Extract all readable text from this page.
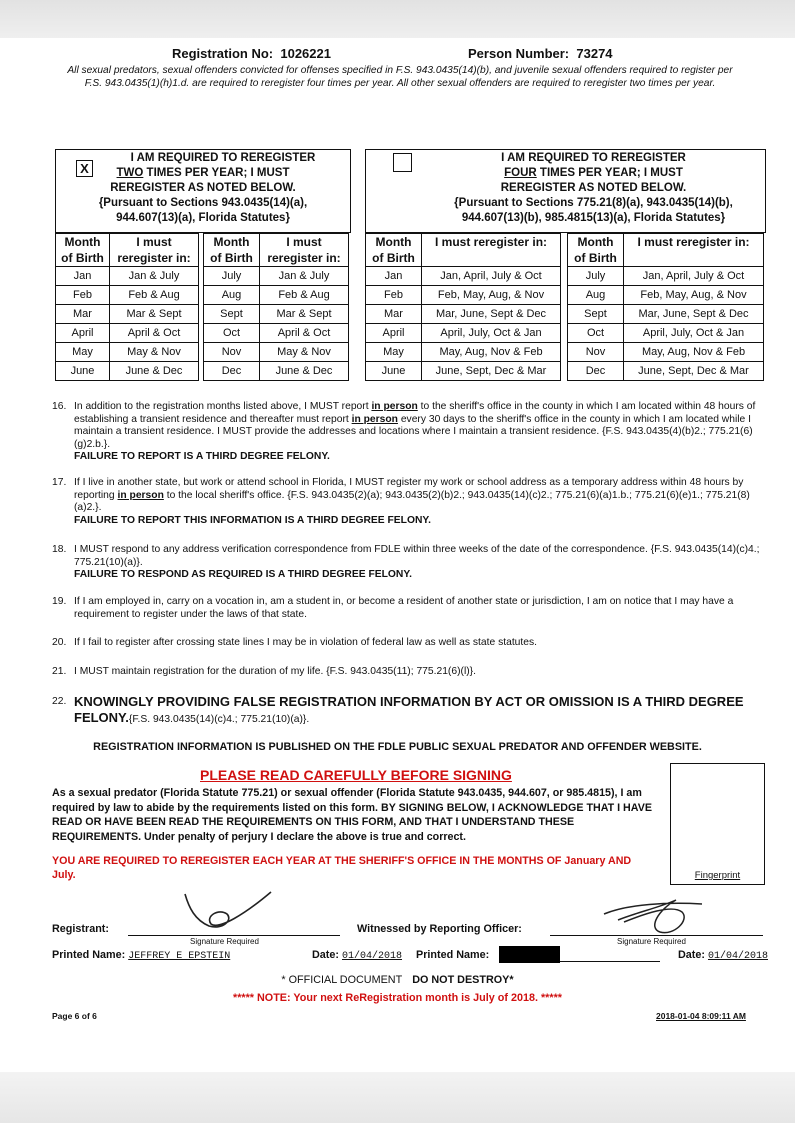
Registration No: 1026221	Person Number: 73274
All sexual predators, sexual offenders convicted for offenses specified in F.S. 943.0435(14)(b), and juvenile sexual offenders required to register per F.S. 943.0435(1)(h)1.d. are required to reregister four times per year. All other sexual offenders are required to reregister two times per year.
X
I AM REQUIRED TO REREGISTER
TWO TIMES PER YEAR; I MUST
REREGISTER AS NOTED BELOW.
{Pursuant to Sections 943.0435(14)(a),
944.607(13)(a), Florida Statutes}
I AM REQUIRED TO REREGISTER
FOUR TIMES PER YEAR; I MUST
REREGISTER AS NOTED BELOW.
{Pursuant to Sections 775.21(8)(a), 943.0435(14)(b),
944.607(13)(b), 985.4815(13)(a), Florida Statutes}
Month
of Birth	I must
reregister in:
Jan	Jan & July
Feb	Feb & Aug
Mar	Mar & Sept
April	April & Oct
May	May & Nov
June	June & Dec
Month
of Birth	I must
reregister in:
July	Jan & July
Aug	Feb & Aug
Sept	Mar & Sept
Oct	April & Oct
Nov	May & Nov
Dec	June & Dec
Month
of Birth	I must reregister in:
Jan	Jan, April, July & Oct
Feb	Feb, May, Aug, & Nov
Mar	Mar, June, Sept & Dec
April	April, July, Oct & Jan
May	May, Aug, Nov & Feb
June	June, Sept, Dec & Mar
Month
of Birth	I must reregister in:
July	Jan, April, July & Oct
Aug	Feb, May, Aug, & Nov
Sept	Mar, June, Sept & Dec
Oct	April, July, Oct & Jan
Nov	May, Aug, Nov & Feb
Dec	June, Sept, Dec & Mar
16. In addition to the registration months listed above, I MUST report in person to the sheriff's office in the county in which I am located within 48 hours of establishing a transient residence and thereafter must report in person every 30 days to the sheriff's office in the county in which I am located while I maintain a transient residence. I MUST provide the addresses and locations where I maintain a transient residence. {F.S. 943.0435(4)(b)2.; 775.21(6)(g)2.b.}.
FAILURE TO REPORT IS A THIRD DEGREE FELONY.
17. If I live in another state, but work or attend school in Florida, I MUST register my work or school address as a temporary address within 48 hours by reporting in person to the local sheriff's office. {F.S. 943.0435(2)(a); 943.0435(2)(b)2.; 943.0435(14)(c)2.; 775.21(6)(a)1.b.; 775.21(6)(e)1.; 775.21(8)(a)2.}.
FAILURE TO REPORT THIS INFORMATION IS A THIRD DEGREE FELONY.
18. I MUST respond to any address verification correspondence from FDLE within three weeks of the date of the correspondence. {F.S. 943.0435(14)(c)4.; 775.21(10)(a)}.
FAILURE TO RESPOND AS REQUIRED IS A THIRD DEGREE FELONY.
19. If I am employed in, carry on a vocation in, am a student in, or become a resident of another state or jurisdiction, I am on notice that I may have a requirement to register under the laws of that state.
20. If I fail to register after crossing state lines I may be in violation of federal law as well as state statutes.
21. I MUST maintain registration for the duration of my life. {F.S. 943.0435(11); 775.21(6)(l)}.
22. KNOWINGLY PROVIDING FALSE REGISTRATION INFORMATION BY ACT OR OMISSION IS A THIRD DEGREE FELONY.{F.S. 943.0435(14)(c)4.; 775.21(10)(a)}.
REGISTRATION INFORMATION IS PUBLISHED ON THE FDLE PUBLIC SEXUAL PREDATOR AND OFFENDER WEBSITE.
PLEASE READ CAREFULLY BEFORE SIGNING
As a sexual predator (Florida Statute 775.21) or sexual offender (Florida Statute 943.0435, 944.607, or 985.4815), I am required by law to abide by the requirements listed on this form. BY SIGNING BELOW, I ACKNOWLEDGE THAT I HAVE READ OR HAVE BEEN READ THE REQUIREMENTS ON THIS FORM, AND THAT I UNDERSTAND THESE REQUIREMENTS. Under penalty of perjury I declare the above is true and correct.
YOU ARE REQUIRED TO REREGISTER EACH YEAR AT THE SHERIFF'S OFFICE IN THE MONTHS OF January AND July.	Fingerprint
Registrant:
Signature Required
Witnessed by Reporting Officer:
Signature Required
Printed Name: JEFFREY E EPSTEIN	Date: 01/04/2018 Printed Name:	Date: 01/04/2018
* OFFICIAL DOCUMENT DO NOT DESTROY*
***** NOTE: Your next ReRegistration month is July of 2018. *****
Page 6 of 6	2018-01-04 8:09:11 AM
